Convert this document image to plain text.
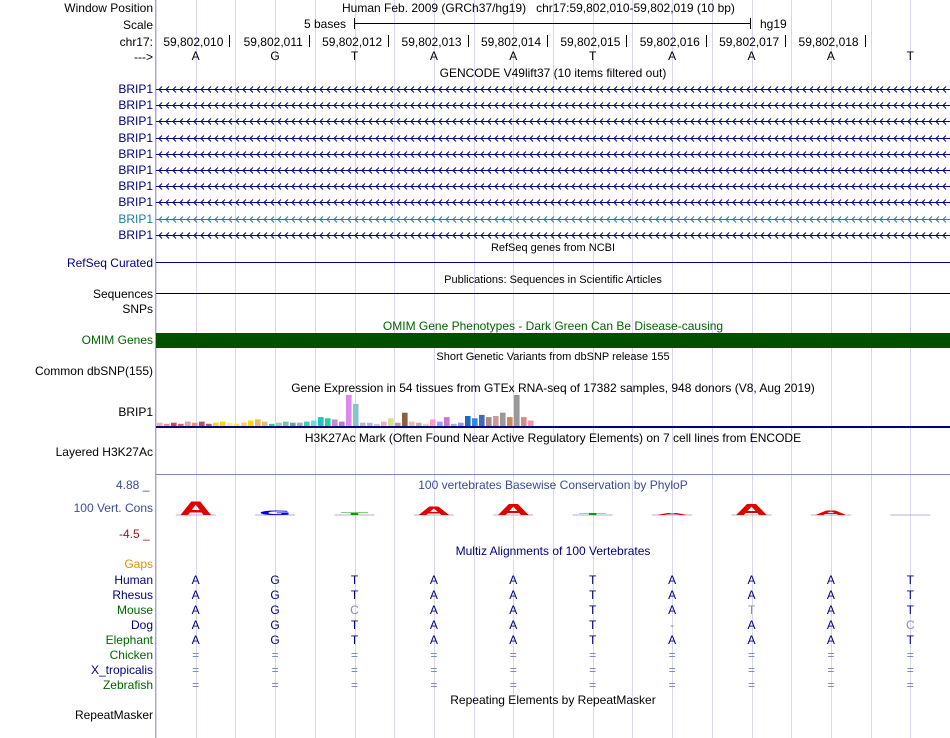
Window Position	Human Feb. 2009 (GRCh37/hg19)   chr17:59,802,010-59,802,019 (10 bp)
Scale	5 bases	hg19
chr17: 59,802,010	59,802,011	59,802,012	59,802,013	59,802,014	59,802,015	59,802,016	59,802,017	59,802,018
--->	A	G	T	A	A	T	A	A	A	T
GENCODE V49lift37 (10 items filtered out)
BRIP1
BRIP1
BRIP1
BRIP1
BRIP1
BRIP1
BRIP1
BRIP1
BRIP1
BRIP1
RefSeq genes from NCBI
RefSeq Curated
Publications: Sequences in Scientific Articles
Sequences
SNPs
OMIM Gene Phenotypes - Dark Green Can Be Disease-causing
OMIM Genes
Short Genetic Variants from dbSNP release 155
Common dbSNP(155)
Gene Expression in 54 tissues from GTEx RNA-seq of 17382 samples, 948 donors (V8, Aug 2019)
BRIP1
H3K27Ac Mark (Often Found Near Active Regulatory Elements) on 7 cell lines from ENCODE
Layered H3K27Ac
100 vertebrates Basewise Conservation by PhyloP
4.88 _
100 Vert. Cons
-4.5 _
A	G	T	A	A	T	A	A	A
Multiz Alignments of 100 Vertebrates
Gaps
Human	A	G	T	A	A	T	A	A	A	T
Rhesus	A	G	T	A	A	T	A	A	A	T
Mouse	A	G	C	A	A	T	A	T	A	T
Dog	A	G	T	A	A	T	-	A	A	C
Elephant	A	G	T	A	A	T	A	A	A	T
Chicken	=	=	=	=	=	=	=	=	=	=
X_tropicalis	=	=	=	=	=	=	=	=	=	=
Zebrafish	=	=	=	=	=	=	=	=	=	=
Repeating Elements by RepeatMasker
RepeatMasker
